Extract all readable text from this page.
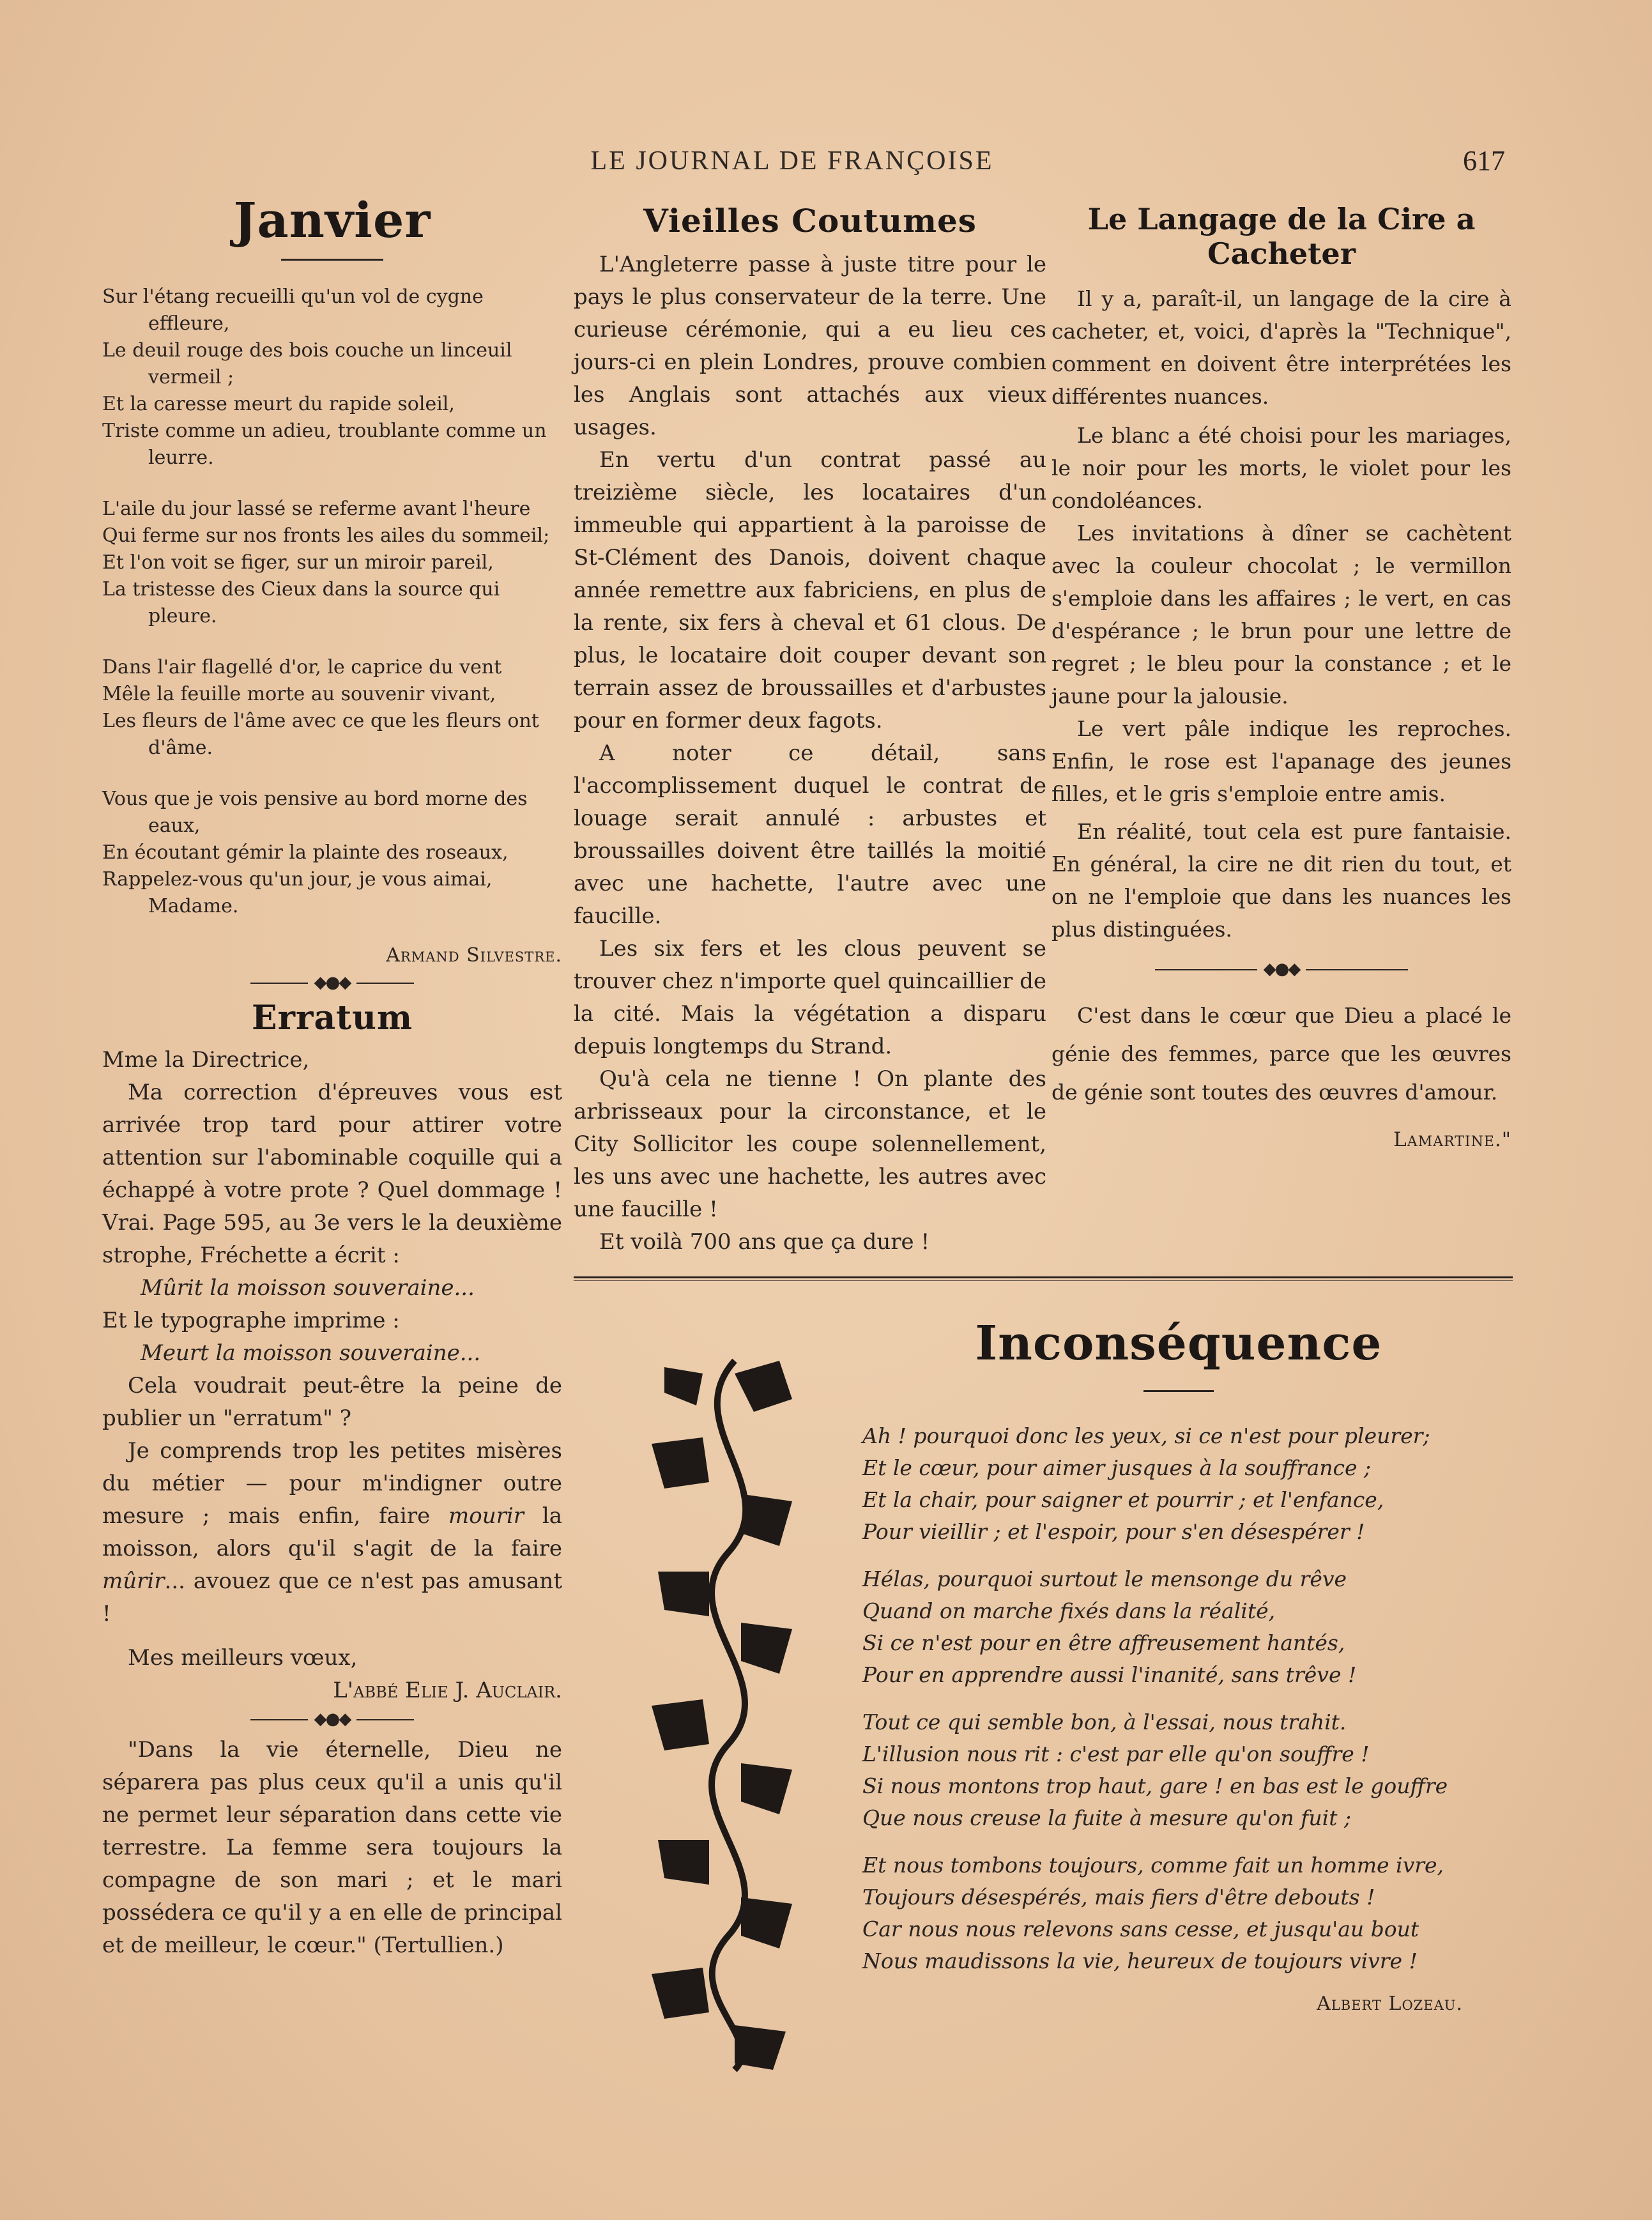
LE JOURNAL DE FRANÇOISE	617
Janvier

Sur l'étang recueilli qu'un vol de cygne

effleure,

Le deuil rouge des bois couche un linceuil

vermeil ;

Et la caresse meurt du rapide soleil,

Triste comme un adieu, troublante comme un

leurre.

L'aile du jour lassé se referme avant l'heure

Qui ferme sur nos fronts les ailes du sommeil;

Et l'on voit se figer, sur un miroir pareil,

La tristesse des Cieux dans la source qui

pleure.

Dans l'air flagellé d'or, le caprice du vent

Mêle la feuille morte au souvenir vivant,

Les fleurs de l'âme avec ce que les fleurs ont

d'âme.

Vous que je vois pensive au bord morne des

eaux,

En écoutant gémir la plainte des roseaux,

Rappelez-vous qu'un jour, je vous aimai,

Madame.

Armand Silvestre.
◆●◆
Erratum

Mme la Directrice,

Ma correction d'épreuves vous est arrivée trop tard pour attirer votre attention sur l'abominable coquille qui a échappé à votre prote ? Quel dommage ! Vrai. Page 595, au 3e vers le la deuxième strophe, Fréchette a écrit :

Mûrit la moisson souveraine...

Et le typographe imprime :

Meurt la moisson souveraine...

Cela voudrait peut-être la peine de publier un "erratum" ?

Je comprends trop les petites misères du métier — pour m'indigner outre mesure ; mais enfin, faire mourir la moisson, alors qu'il s'agit de la faire mûrir... avouez que ce n'est pas amusant !

Mes meilleurs vœux,

L'abbé Elie J. Auclair.

◆●◆

"Dans la vie éternelle, Dieu ne séparera pas plus ceux qu'il a unis qu'il ne permet leur séparation dans cette vie terrestre. La femme sera toujours la compagne de son mari ; et le mari possédera ce qu'il y a en elle de principal et de meilleur, le cœur." (Tertullien.)

Vieilles Coutumes

L'Angleterre passe à juste titre pour le pays le plus conservateur de la terre. Une curieuse cérémonie, qui a eu lieu ces jours-ci en plein Londres, prouve combien les Anglais sont attachés aux vieux usages.

En vertu d'un contrat passé au treizième siècle, les locataires d'un immeuble qui appartient à la paroisse de St-Clément des Danois, doivent chaque année remettre aux fabriciens, en plus de la rente, six fers à cheval et 61 clous. De plus, le locataire doit couper devant son terrain assez de broussailles et d'arbustes pour en former deux fagots.

A noter ce détail, sans l'accomplissement duquel le contrat de louage serait annulé : arbustes et broussailles doivent être taillés la moitié avec une hachette, l'autre avec une faucille.

Les six fers et les clous peuvent se trouver chez n'importe quel quincaillier de la cité. Mais la végétation a disparu depuis longtemps du Strand.

Qu'à cela ne tienne ! On plante des arbrisseaux pour la circonstance, et le City Sollicitor les coupe solennellement, les uns avec une hachette, les autres avec une faucille !

Et voilà 700 ans que ça dure !

Le Langage de la Cire a Cacheter

Il y a, paraît-il, un langage de la cire à cacheter, et, voici, d'après la "Technique", comment en doivent être interprétées les différentes nuances.

Le blanc a été choisi pour les mariages, le noir pour les morts, le violet pour les condoléances.

Les invitations à dîner se cachètent avec la couleur chocolat ; le vermillon s'emploie dans les affaires ; le vert, en cas d'espérance ; le brun pour une lettre de regret ; le bleu pour la constance ; et le jaune pour la jalousie.

Le vert pâle indique les reproches. Enfin, le rose est l'apanage des jeunes filles, et le gris s'emploie entre amis.

En réalité, tout cela est pure fantaisie. En général, la cire ne dit rien du tout, et on ne l'emploie que dans les nuances les plus distinguées.

◆●◆

C'est dans le cœur que Dieu a placé le génie des femmes, parce que les œuvres de génie sont toutes des œuvres d'amour.

Lamartine."
Inconséquence

Ah ! pourquoi donc les yeux, si ce n'est pour pleurer;

Et le cœur, pour aimer jusques à la souffrance ;

Et la chair, pour saigner et pourrir ; et l'enfance,

Pour vieillir ; et l'espoir, pour s'en désespérer !

Hélas, pourquoi surtout le mensonge du rêve

Quand on marche fixés dans la réalité,

Si ce n'est pour en être affreusement hantés,

Pour en apprendre aussi l'inanité, sans trêve !

Tout ce qui semble bon, à l'essai, nous trahit.

L'illusion nous rit : c'est par elle qu'on souffre !

Si nous montons trop haut, gare ! en bas est le gouffre

Que nous creuse la fuite à mesure qu'on fuit ;

Et nous tombons toujours, comme fait un homme ivre,

Toujours désespérés, mais fiers d'être debouts !

Car nous nous relevons sans cesse, et jusqu'au bout

Nous maudissons la vie, heureux de toujours vivre !

Albert Lozeau.
